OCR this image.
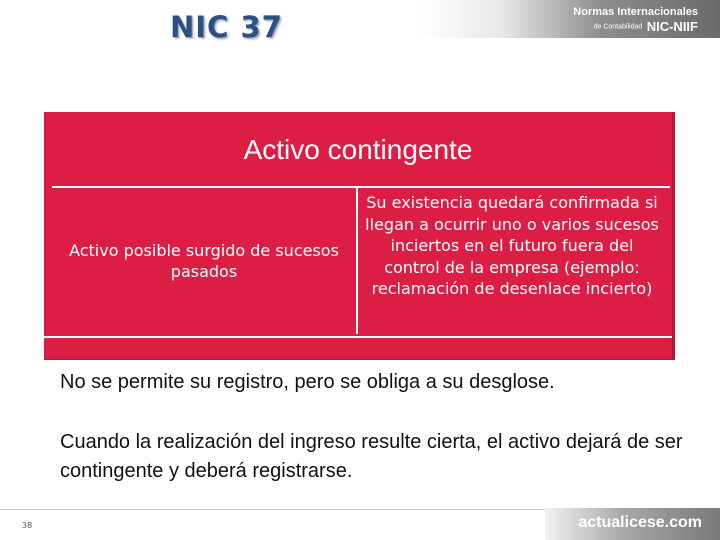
NIC 37	Normas Internacionales
de Contabilidad NIC-NIIF
Activo contingente
Activo posible surgido de sucesos pasados
Su existencia quedará confirmada si llegan a ocurrir uno o varios sucesos inciertos en el futuro fuera del control de la empresa (ejemplo: reclamación de desenlace incierto)
No se permite su registro, pero se obliga a su desglose.
Cuando la realización del ingreso resulte cierta, el activo dejará de ser contingente y deberá registrarse.
38	actualicese.com
